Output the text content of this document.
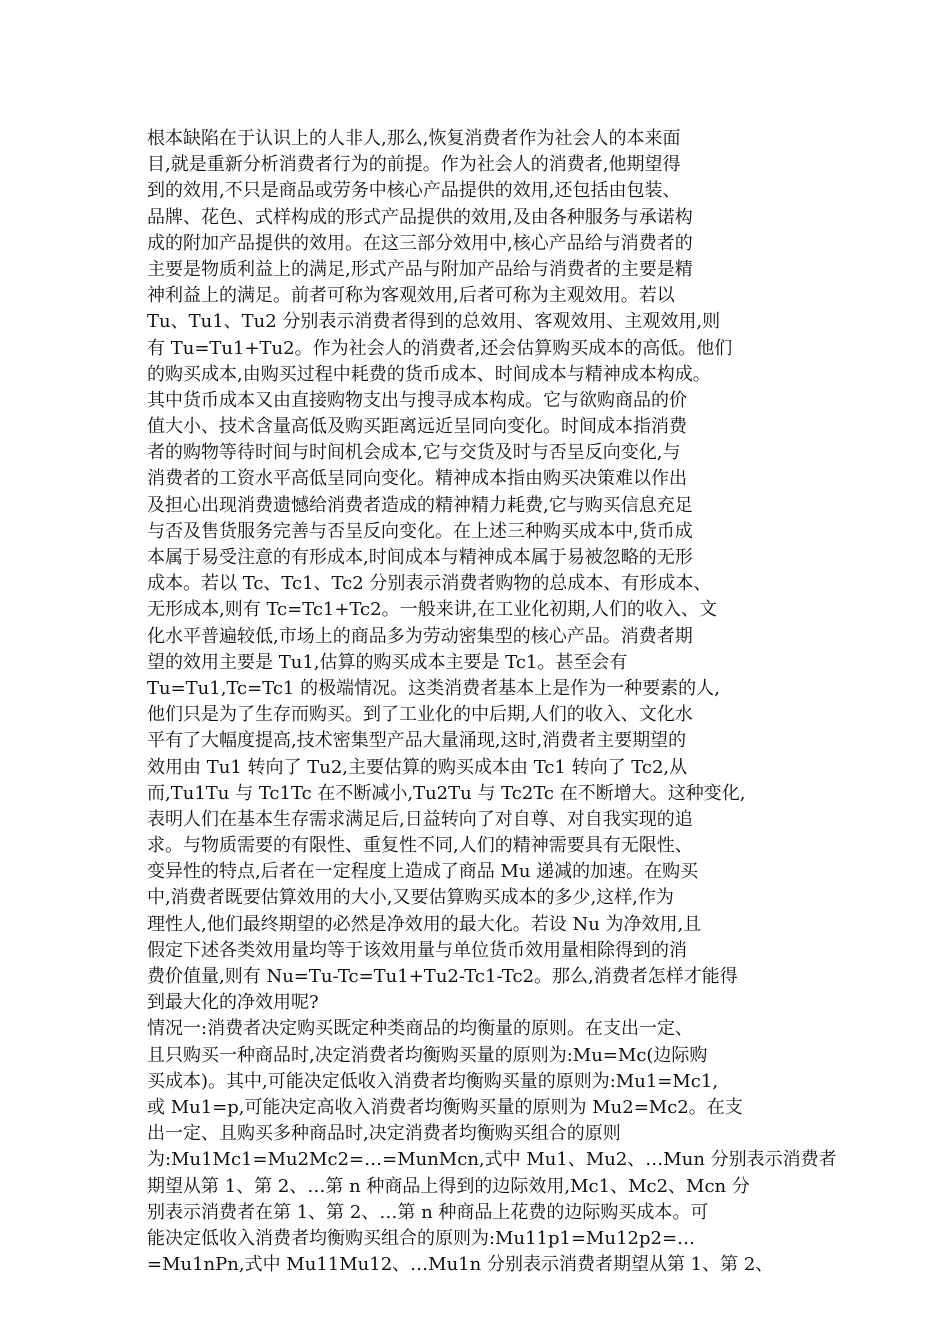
根本缺陷在于认识上的人非人,那么,恢复消费者作为社会人的本来面
目,就是重新分析消费者行为的前提。作为社会人的消费者,他期望得
到的效用,不只是商品或劳务中核心产品提供的效用,还包括由包装、
品牌、花色、式样构成的形式产品提供的效用,及由各种服务与承诺构
成的附加产品提供的效用。在这三部分效用中,核心产品给与消费者的
主要是物质利益上的满足,形式产品与附加产品给与消费者的主要是精
神利益上的满足。前者可称为客观效用,后者可称为主观效用。若以
Tu、Tu1、Tu2 分别表示消费者得到的总效用、客观效用、主观效用,则
有 Tu=Tu1+Tu2。作为社会人的消费者,还会估算购买成本的高低。他们
的购买成本,由购买过程中耗费的货币成本、时间成本与精神成本构成。
其中货币成本又由直接购物支出与搜寻成本构成。它与欲购商品的价
值大小、技术含量高低及购买距离远近呈同向变化。时间成本指消费
者的购物等待时间与时间机会成本,它与交货及时与否呈反向变化,与
消费者的工资水平高低呈同向变化。精神成本指由购买决策难以作出
及担心出现消费遗憾给消费者造成的精神精力耗费,它与购买信息充足
与否及售货服务完善与否呈反向变化。在上述三种购买成本中,货币成
本属于易受注意的有形成本,时间成本与精神成本属于易被忽略的无形
成本。若以 Tc、Tc1、Tc2 分别表示消费者购物的总成本、有形成本、
无形成本,则有 Tc=Tc1+Tc2。一般来讲,在工业化初期,人们的收入、文
化水平普遍较低,市场上的商品多为劳动密集型的核心产品。消费者期
望的效用主要是 Tu1,估算的购买成本主要是 Tc1。甚至会有
Tu=Tu1,Tc=Tc1 的极端情况。这类消费者基本上是作为一种要素的人,
他们只是为了生存而购买。到了工业化的中后期,人们的收入、文化水
平有了大幅度提高,技术密集型产品大量涌现,这时,消费者主要期望的
效用由 Tu1 转向了 Tu2,主要估算的购买成本由 Tc1 转向了 Tc2,从
而,Tu1Tu 与 Tc1Tc 在不断减小,Tu2Tu 与 Tc2Tc 在不断增大。这种变化,
表明人们在基本生存需求满足后,日益转向了对自尊、对自我实现的追
求。与物质需要的有限性、重复性不同,人们的精神需要具有无限性、
变异性的特点,后者在一定程度上造成了商品 Mu 递减的加速。在购买
中,消费者既要估算效用的大小,又要估算购买成本的多少,这样,作为
理性人,他们最终期望的必然是净效用的最大化。若设 Nu 为净效用,且
假定下述各类效用量均等于该效用量与单位货币效用量相除得到的消
费价值量,则有 Nu=Tu-Tc=Tu1+Tu2-Tc1-Tc2。那么,消费者怎样才能得
到最大化的净效用呢?
情况一:消费者决定购买既定种类商品的均衡量的原则。在支出一定、
且只购买一种商品时,决定消费者均衡购买量的原则为:Mu=Mc(边际购
买成本)。其中,可能决定低收入消费者均衡购买量的原则为:Mu1=Mc1,
或 Mu1=p,可能决定高收入消费者均衡购买量的原则为 Mu2=Mc2。在支
出一定、且购买多种商品时,决定消费者均衡购买组合的原则
为:Mu1Mc1=Mu2Mc2=…=MunMcn,式中 Mu1、Mu2、…Mun 分别表示消费者
期望从第 1、第 2、…第 n 种商品上得到的边际效用,Mc1、Mc2、Mcn 分
别表示消费者在第 1、第 2、…第 n 种商品上花费的边际购买成本。可
能决定低收入消费者均衡购买组合的原则为:Mu11p1=Mu12p2=…
=Mu1nPn,式中 Mu11Mu12、…Mu1n 分别表示消费者期望从第 1、第 2、
